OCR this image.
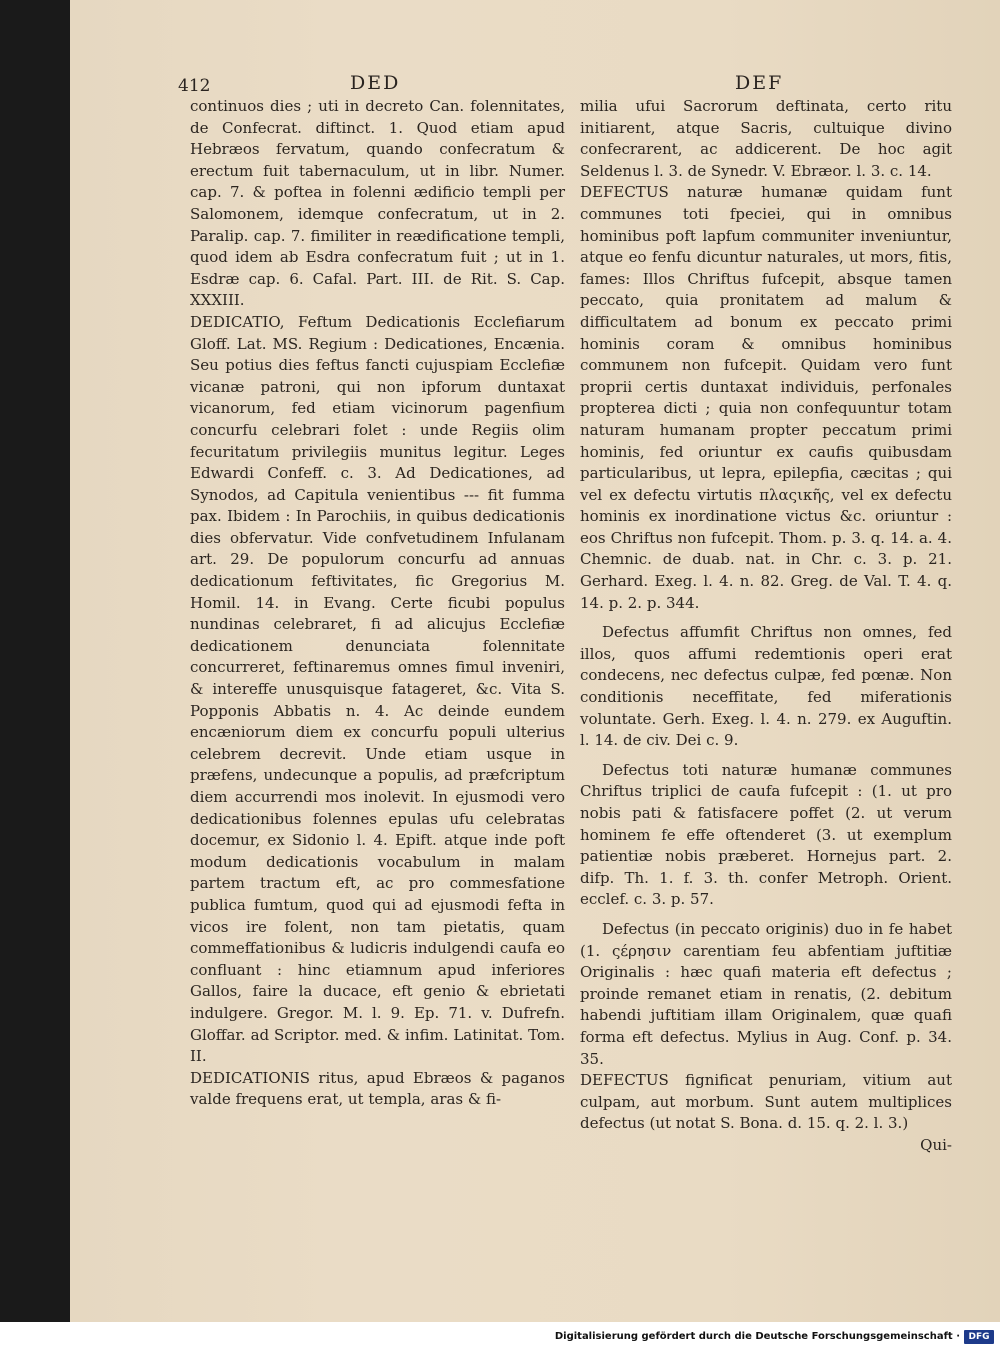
412	DED	DEF

continuos dies ; uti in decreto Can. folennitates, de Confecrat. diftinct. 1. Quod etiam apud Hebræos fervatum, quando confecratum & erectum fuit tabernaculum, ut in libr. Numer. cap. 7. & poftea in folenni ædificio templi per Salomonem, idemque confecratum, ut in 2. Paralip. cap. 7. fimiliter in reædificatione templi, quod idem ab Esdra confecratum fuit ; ut in 1. Esdræ cap. 6. Cafal. Part. III. de Rit. S. Cap. XXXIII.

DEDICATIO, Feftum Dedicationis Ecclefiarum Gloff. Lat. MS. Regium : Dedicationes, Encænia. Seu potius dies feftus fancti cujuspiam Ecclefiæ vicanæ patroni, qui non ipforum duntaxat vicanorum, fed etiam vicinorum pagenfium concurfu celebrari folet : unde Regiis olim fecuritatum privilegiis munitus legitur. Leges Edwardi Confeff. c. 3. Ad Dedicationes, ad Synodos, ad Capitula venientibus --- fit fumma pax. Ibidem : In Parochiis, in quibus dedicationis dies obfervatur. Vide confvetudinem Infulanam art. 29. De populorum concurfu ad annuas dedicationum feftivitates, fic Gregorius M. Homil. 14. in Evang. Certe ficubi populus nundinas celebraret, fi ad alicujus Ecclefiæ dedicationem denunciata folennitate concurreret, feftinaremus omnes fimul inveniri, & intereffe unusquisque fatageret, &c. Vita S. Popponis Abbatis n. 4. Ac deinde eundem encæniorum diem ex concurfu populi ulterius celebrem decrevit. Unde etiam usque in præfens, undecunque a populis, ad præfcriptum diem accurrendi mos inolevit. In ejusmodi vero dedicationibus folennes epulas ufu celebratas docemur, ex Sidonio l. 4. Epift. atque inde poft modum dedicationis vocabulum in malam partem tractum eft, ac pro commesfatione publica fumtum, quod qui ad ejusmodi fefta in vicos ire folent, non tam pietatis, quam commeffationibus & ludicris indulgendi caufa eo confluant : hinc etiamnum apud inferiores Gallos, faire la ducace, eft genio & ebrietati indulgere. Gregor. M. l. 9. Ep. 71. v. Dufrefn. Gloffar. ad Scriptor. med. & infim. Latinitat. Tom. II.

DEDICATIONIS ritus, apud Ebræos & paganos valde frequens erat, ut templa, aras & fi-

milia ufui Sacrorum deftinata, certo ritu initiarent, atque Sacris, cultuique divino confecrarent, ac addicerent. De hoc agit Seldenus l. 3. de Synedr. V. Ebræor. l. 3. c. 14.

DEFECTUS naturæ humanæ quidam funt communes toti fpeciei, qui in omnibus hominibus poft lapfum communiter inveniuntur, atque eo fenfu dicuntur naturales, ut mors, fitis, fames: Illos Chriftus fufcepit, absque tamen peccato, quia pronitatem ad malum & difficultatem ad bonum ex peccato primi hominis coram & omnibus hominibus communem non fufcepit. Quidam vero funt proprii certis duntaxat individuis, perfonales propterea dicti ; quia non confequuntur totam naturam humanam propter peccatum primi hominis, fed oriuntur ex caufis quibusdam particularibus, ut lepra, epilepfia, cæcitas ; qui vel ex defectu virtutis πλαςικῆς, vel ex defectu hominis ex inordinatione victus &c. oriuntur : eos Chriftus non fufcepit. Thom. p. 3. q. 14. a. 4. Chemnic. de duab. nat. in Chr. c. 3. p. 21. Gerhard. Exeg. l. 4. n. 82. Greg. de Val. T. 4. q. 14. p. 2. p. 344.

Defectus affumfit Chriftus non omnes, fed illos, quos affumi redemtionis operi erat condecens, nec defectus culpæ, fed pœnæ. Non conditionis neceffitate, fed miferationis voluntate. Gerh. Exeg. l. 4. n. 279. ex Auguftin. l. 14. de civ. Dei c. 9.

Defectus toti naturæ humanæ communes Chriftus triplici de caufa fufcepit : (1. ut pro nobis pati & fatisfacere poffet (2. ut verum hominem fe effe oftenderet (3. ut exemplum patientiæ nobis præberet. Hornejus part. 2. difp. Th. 1. f. 3. th. confer Metroph. Orient. ecclef. c. 3. p. 57.

Defectus (in peccato originis) duo in fe habet (1. ςέρησιν carentiam feu abfentiam juftitiæ Originalis : hæc quafi materia eft defectus ; proinde remanet etiam in renatis, (2. debitum habendi juftitiam illam Originalem, quæ quafi forma eft defectus. Mylius in Aug. Conf. p. 34. 35.

DEFECTUS fignificat penuriam, vitium aut culpam, aut morbum. Sunt autem multiplices defectus (ut notat S. Bona. d. 15. q. 2. l. 3.)

Qui-

Digitalisierung gefördert durch die Deutsche Forschungsgemeinschaft · DFG
